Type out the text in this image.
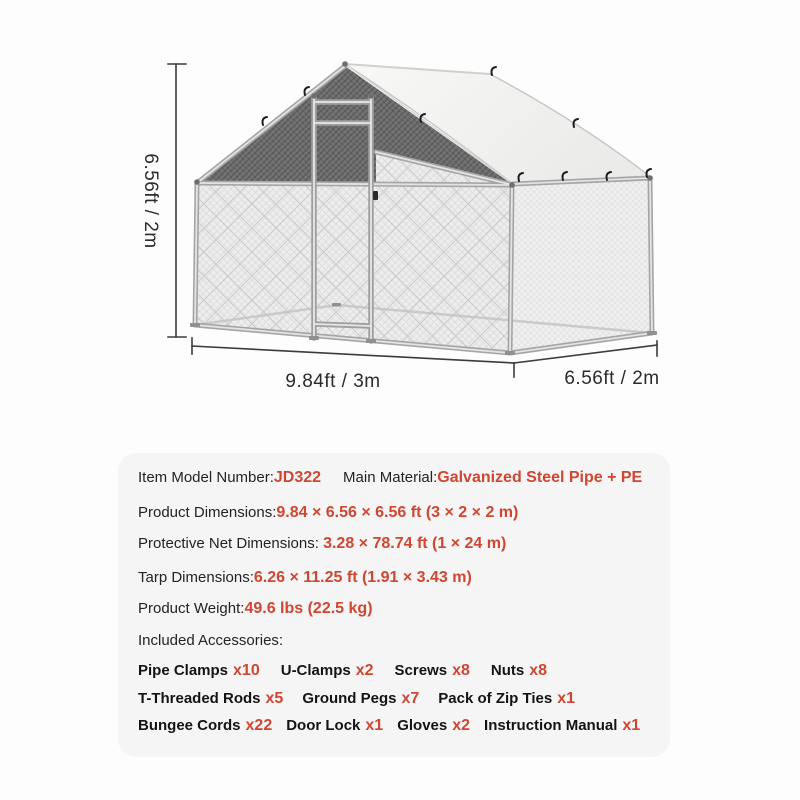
6.56ft / 2m
9.84ft / 3m	6.56ft / 2m
Item Model Number:JD322 Main Material:Galvanized Steel Pipe + PE
Product Dimensions:9.84 × 6.56 × 6.56 ft (3 × 2 × 2 m)
Protective Net Dimensions: 3.28 × 78.74 ft (1 × 24 m)
Tarp Dimensions:6.26 × 11.25 ft (1.91 × 3.43 m)
Product Weight:49.6 lbs (22.5 kg)
Included Accessories:
Pipe Clamps x10 U-Clamps x2 Screws x8 Nuts x8
T-Threaded Rods x5 Ground Pegs x7 Pack of Zip Ties x1
Bungee Cords x22 Door Lock x1 Gloves x2 Instruction Manual x1
